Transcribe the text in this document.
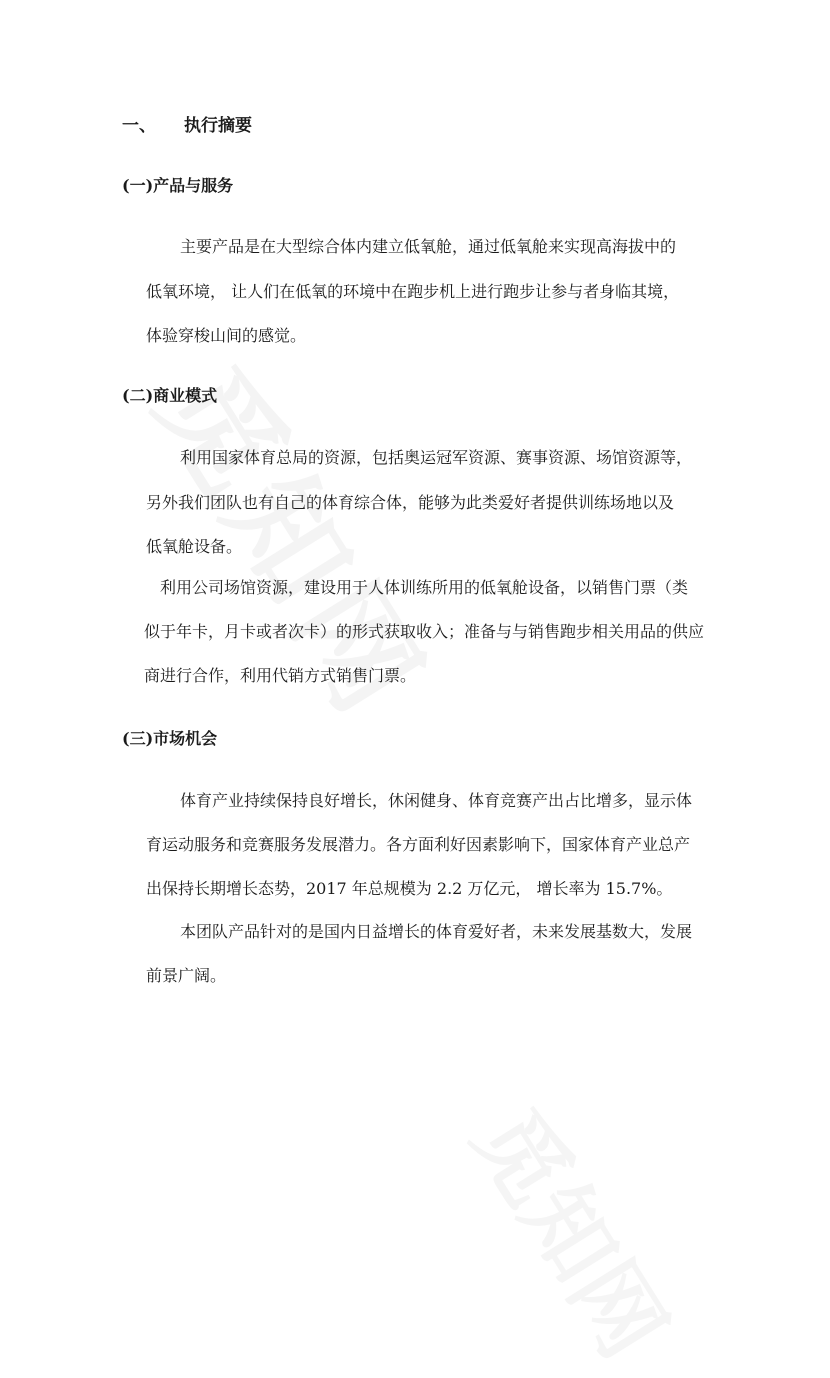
一、 执行摘要
(一)产品与服务
主要产品是在大型综合体内建立低氧舱，通过低氧舱来实现高海拔中的
低氧环境， 让人们在低氧的环境中在跑步机上进行跑步让参与者身临其境，
体验穿梭山间的感觉。
(二)商业模式
利用国家体育总局的资源，包括奥运冠军资源、赛事资源、场馆资源等，
另外我们团队也有自己的体育综合体，能够为此类爱好者提供训练场地以及
低氧舱设备。
利用公司场馆资源，建设用于人体训练所用的低氧舱设备，以销售门票（类
似于年卡，月卡或者次卡）的形式获取收入；准备与与销售跑步相关用品的供应
商进行合作，利用代销方式销售门票。
(三)市场机会
体育产业持续保持良好增长，休闲健身、体育竞赛产出占比增多，显示体
育运动服务和竞赛服务发展潜力。各方面利好因素影响下，国家体育产业总产
出保持长期增长态势，2017 年总规模为 2.2 万亿元， 增长率为 15.7%。
本团队产品针对的是国内日益增长的体育爱好者，未来发展基数大，发展
前景广阔。
